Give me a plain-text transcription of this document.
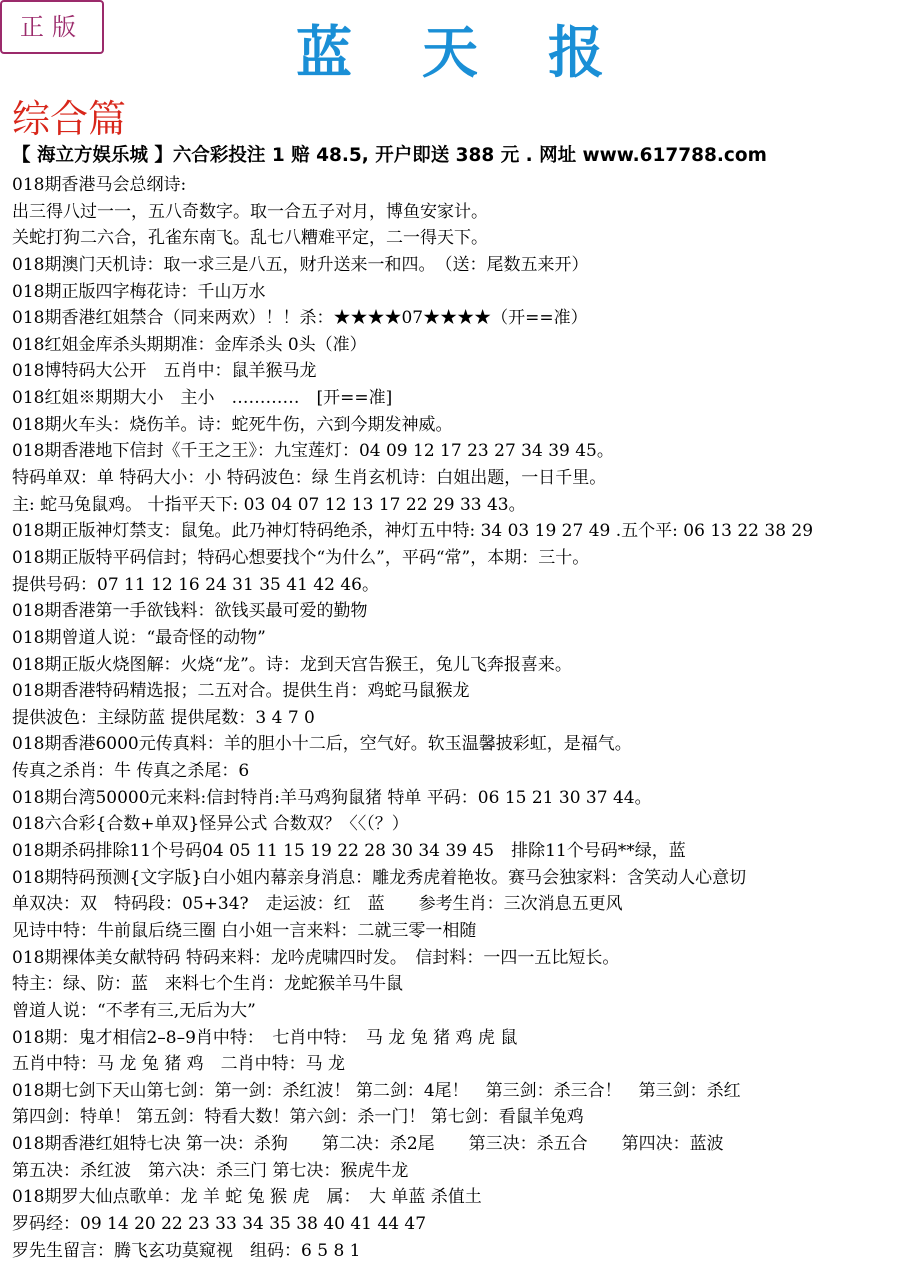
正版	蓝天报
综合篇
【 海立方娱乐城 】六合彩投注 1 赔 48.5, 开户即送 388 元 . 网址 www.617788.com
018期香港马会总纲诗:
出三得八过一一，五八奇数字。取一合五子对月，博鱼安家计。
关蛇打狗二六合，孔雀东南飞。乱七八糟难平定，二一得天下。
018期澳门天机诗：取一求三是八五，财升送来一和四。　（送：尾数五来开）
018期正版四字梅花诗：千山万水
018期香港红姐禁合（同来两欢）！！杀：★★★★07★★★★（开==准）
018红姐金库杀头期期准：金库杀头 0头（准）
018博特码大公开　五肖中：鼠羊猴马龙
018红姐※期期大小　主小　…………　[开==准]
018期火车头：烧伤羊。诗：蛇死牛伤，六到今期发神威。
018期香港地下信封《千王之王》：九宝莲灯：04 09 12 17 23 27 34 39 45。
特码单双：单 特码大小：小 特码波色：绿 生肖玄机诗：白姐出题，一日千里。
主: 蛇马兔鼠鸡。 十指平天下: 03 04 07 12 13 17 22 29 33 43。
018期正版神灯禁支：鼠兔。此乃神灯特码绝杀，神灯五中特: 34 03 19 27 49 .五个平: 06 13 22 38 29
018期正版特平码信封；特码心想要找个“为什么”，平码“常”，本期：三十。
提供号码：07 11 12 16 24 31 35 41 42 46。
018期香港第一手欲钱料：欲钱买最可爱的勤物
018期曾道人说：“最奇怪的动物”
018期正版火烧图解：火烧“龙”。诗：龙到天宫告猴王，兔儿飞奔报喜来。
018期香港特码精选报；二五对合。提供生肖：鸡蛇马鼠猴龙
提供波色：主绿防蓝 提供尾数：3 4 7 0
018期香港6000元传真料：羊的胆小十二后，空气好。软玉温馨披彩虹，是福气。
传真之杀肖：牛 传真之杀尾：6
018期台湾50000元来料:信封特肖:羊马鸡狗鼠猪 特单 平码：06 15 21 30 37 44。
018六合彩{合数+单双}怪异公式 合数双？〈〈（？）
018期杀码排除11个号码04 05 11 15 19 22 28 30 34 39 45　排除11个号码**绿，蓝
018期特码预测{文字版}白小姐内幕亲身消息：雕龙秀虎着艳妆。赛马会独家料：含笑动人心意切
单双决：双　特码段：05+34?　走运波：红　蓝　　参考生肖：三次消息五更风
见诗中特：牛前鼠后绕三圈 白小姐一言来料：二就三零一相随
018期裸体美女献特码 特码来料：龙吟虎啸四时发。　信封料：一四一五比短长。
特主：绿、防：蓝　来料七个生肖：龙蛇猴羊马牛鼠
曾道人说：“不孝有三,无后为大”
018期：鬼才相信2–8–9肖中特：　七肖中特：　马 龙 兔 猪 鸡 虎 鼠
五肖中特：马 龙 兔 猪 鸡　二肖中特：马 龙
018期七剑下天山第七剑：第一剑：杀红波！ 第二剑：4尾！　第三剑：杀三合！　第三剑：杀红
第四剑：特单！ 第五剑：特看大数！第六剑：杀一门！ 第七剑：看鼠羊兔鸡
018期香港红姐特七决 第一决：杀狗　　第二决：杀2尾　　第三决：杀五合　　第四决：蓝波
第五决：杀红波　第六决：杀三门 第七决：猴虎牛龙
018期罗大仙点歌单：龙 羊 蛇 兔 猴 虎　属：　大 单蓝 杀值土
罗码经：09 14 20 22 23 33 34 35 38 40 41 44 47
罗先生留言：腾飞玄功莫窥视　组码：6 5 8 1
